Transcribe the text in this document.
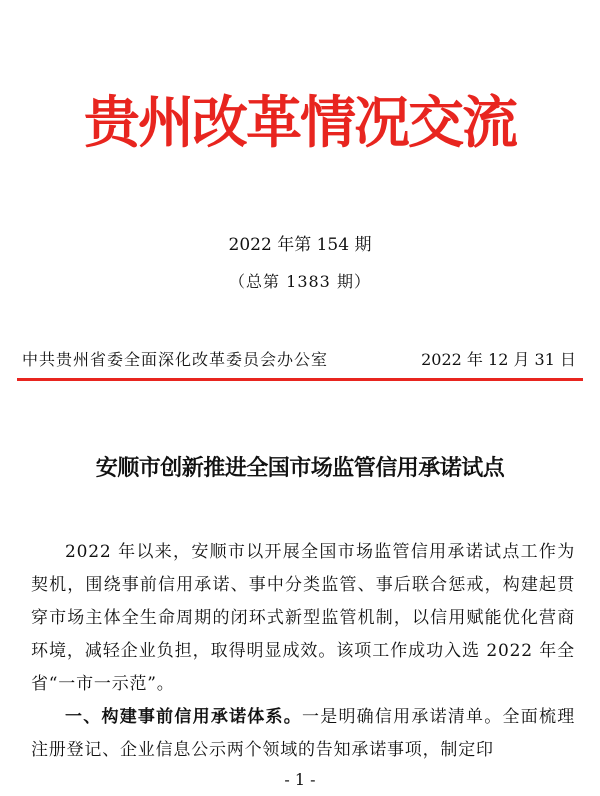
贵州改革情况交流
2022 年第 154 期
（总第 1383 期）
中共贵州省委全面深化改革委员会办公室	2022 年 12 月 31 日
安顺市创新推进全国市场监管信用承诺试点

2022 年以来，安顺市以开展全国市场监管信用承诺试点工作为契机，围绕事前信用承诺、事中分类监管、事后联合惩戒，构建起贯穿市场主体全生命周期的闭环式新型监管机制，以信用赋能优化营商环境，减轻企业负担，取得明显成效。该项工作成功入选 2022 年全省“一市一示范”。

一、构建事前信用承诺体系。一是明确信用承诺清单。全面梳理注册登记、企业信息公示两个领域的告知承诺事项，制定印

- 1 -
